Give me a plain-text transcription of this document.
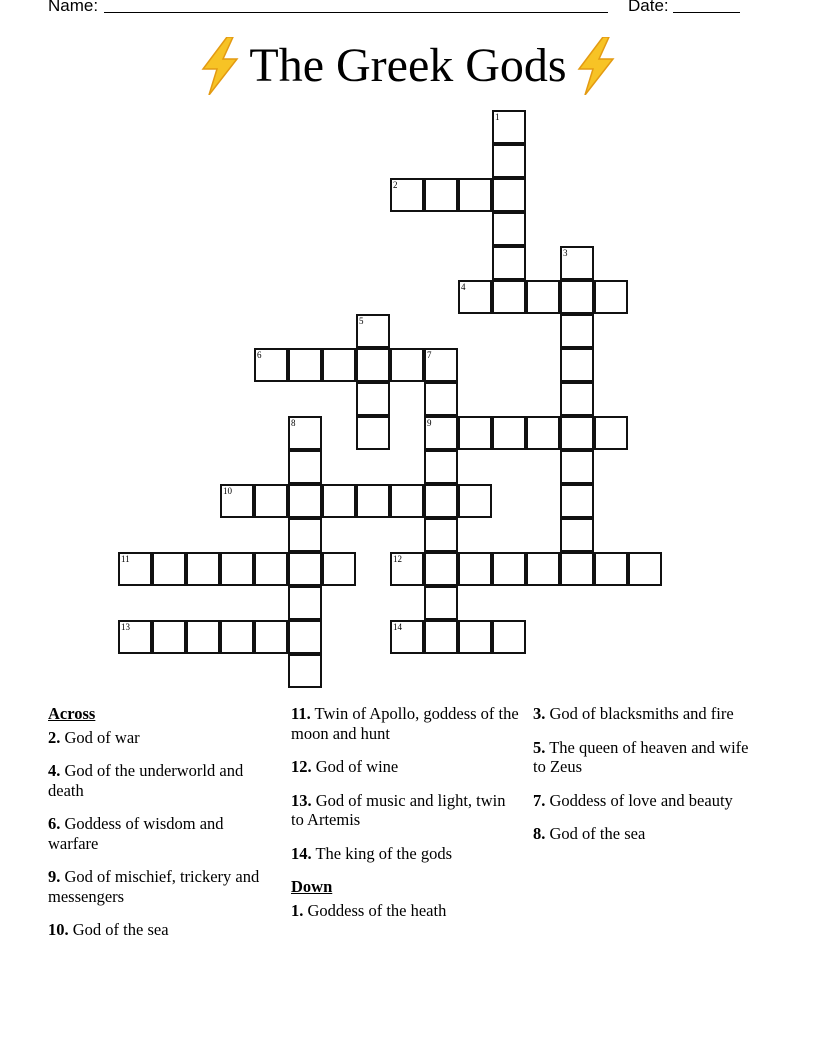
Name:	Date:
The Greek Gods
1
2
3
4
5
6	7
9
8
10
11	12
13	14
Across
2. God of war
4. God of the underworld and death
6. Goddess of wisdom and warfare
9. God of mischief, trickery and messengers
10. God of the sea
11. Twin of Apollo, goddess of the moon and hunt
12. God of wine
13. God of music and light, twin to Artemis
14. The king of the gods
Down
1. Goddess of the heath
3. God of blacksmiths and fire
5. The queen of heaven and wife to Zeus
7. Goddess of love and beauty
8. God of the sea
